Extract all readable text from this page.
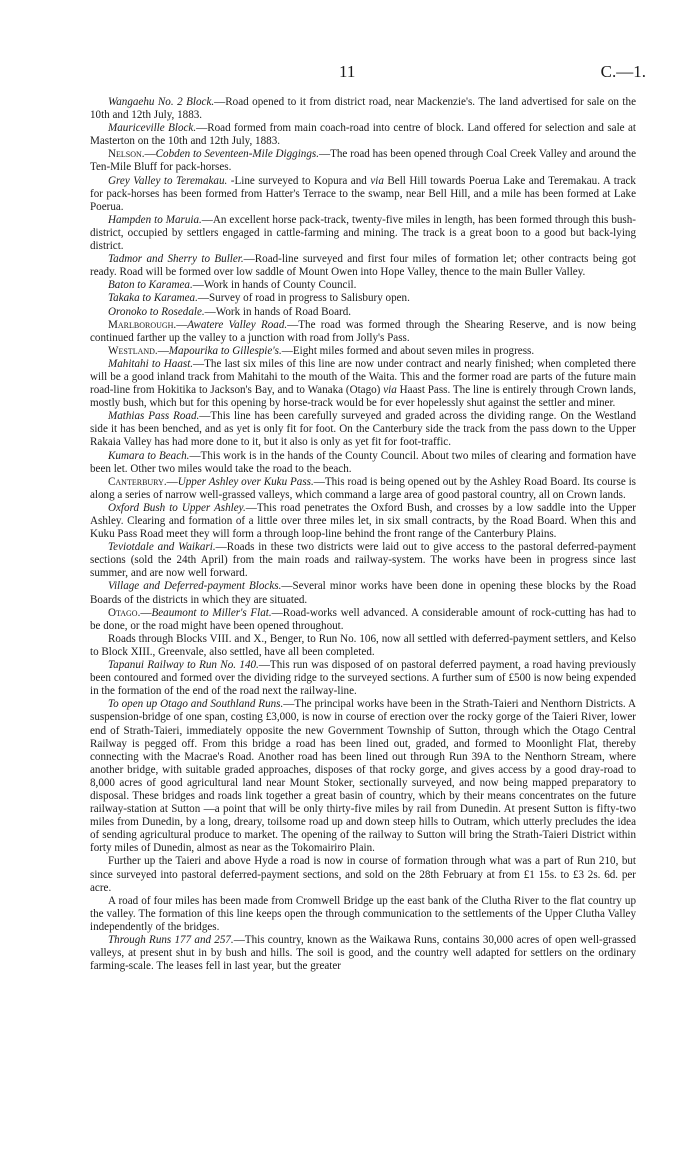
11	C.—1.

Wangaehu No. 2 Block.—Road opened to it from district road, near Mackenzie's. The land advertised for sale on the 10th and 12th July, 1883.

Mauriceville Block.—Road formed from main coach-road into centre of block. Land offered for selection and sale at Masterton on the 10th and 12th July, 1883.

Nelson.—Cobden to Seventeen-Mile Diggings.—The road has been opened through Coal Creek Valley and around the Ten-Mile Bluff for pack-horses.

Grey Valley to Teremakau. -Line surveyed to Kopura and via Bell Hill towards Poerua Lake and Teremakau. A track for pack-horses has been formed from Hatter's Terrace to the swamp, near Bell Hill, and a mile has been formed at Lake Poerua.

Hampden to Maruia.—An excellent horse pack-track, twenty-five miles in length, has been formed through this bush-district, occupied by settlers engaged in cattle-farming and mining. The track is a great boon to a good but back-lying district.

Tadmor and Sherry to Buller.—Road-line surveyed and first four miles of formation let; other contracts being got ready. Road will be formed over low saddle of Mount Owen into Hope Valley, thence to the main Buller Valley.

Baton to Karamea.—Work in hands of County Council.

Takaka to Karamea.—Survey of road in progress to Salisbury open.

Oronoko to Rosedale.—Work in hands of Road Board.

Marlborough.—Awatere Valley Road.—The road was formed through the Shearing Reserve, and is now being continued farther up the valley to a junction with road from Jolly's Pass.

Westland.—Mapourika to Gillespie's.—Eight miles formed and about seven miles in progress.

Mahitahi to Haast.—The last six miles of this line are now under contract and nearly finished; when completed there will be a good inland track from Mahitahi to the mouth of the Waita. This and the former road are parts of the future main road-line from Hokitika to Jackson's Bay, and to Wanaka (Otago) via Haast Pass. The line is entirely through Crown lands, mostly bush, which but for this opening by horse-track would be for ever hopelessly shut against the settler and miner.

Mathias Pass Road.—This line has been carefully surveyed and graded across the dividing range. On the Westland side it has been benched, and as yet is only fit for foot. On the Canterbury side the track from the pass down to the Upper Rakaia Valley has had more done to it, but it also is only as yet fit for foot-traffic.

Kumara to Beach.—This work is in the hands of the County Council. About two miles of clearing and formation have been let. Other two miles would take the road to the beach.

Canterbury.—Upper Ashley over Kuku Pass.—This road is being opened out by the Ashley Road Board. Its course is along a series of narrow well-grassed valleys, which command a large area of good pastoral country, all on Crown lands.

Oxford Bush to Upper Ashley.—This road penetrates the Oxford Bush, and crosses by a low saddle into the Upper Ashley. Clearing and formation of a little over three miles let, in six small contracts, by the Road Board. When this and Kuku Pass Road meet they will form a through loop-line behind the front range of the Canterbury Plains.

Teviotdale and Waikari.—Roads in these two districts were laid out to give access to the pastoral deferred-payment sections (sold the 24th April) from the main roads and railway-system. The works have been in progress since last summer, and are now well forward.

Village and Deferred-payment Blocks.—Several minor works have been done in opening these blocks by the Road Boards of the districts in which they are situated.

Otago.—Beaumont to Miller's Flat.—Road-works well advanced. A considerable amount of rock-cutting has had to be done, or the road might have been opened throughout.

Roads through Blocks VIII. and X., Benger, to Run No. 106, now all settled with deferred-payment settlers, and Kelso to Block XIII., Greenvale, also settled, have all been completed.

Tapanui Railway to Run No. 140.—This run was disposed of on pastoral deferred payment, a road having previously been contoured and formed over the dividing ridge to the surveyed sections. A further sum of £500 is now being expended in the formation of the end of the road next the railway-line.

To open up Otago and Southland Runs.—The principal works have been in the Strath-Taieri and Nenthorn Districts. A suspension-bridge of one span, costing £3,000, is now in course of erection over the rocky gorge of the Taieri River, lower end of Strath-Taieri, immediately opposite the new Government Township of Sutton, through which the Otago Central Railway is pegged off. From this bridge a road has been lined out, graded, and formed to Moonlight Flat, thereby connecting with the Macrae's Road. Another road has been lined out through Run 39A to the Nenthorn Stream, where another bridge, with suitable graded approaches, disposes of that rocky gorge, and gives access by a good dray-road to 8,000 acres of good agricultural land near Mount Stoker, sectionally surveyed, and now being mapped preparatory to disposal. These bridges and roads link together a great basin of country, which by their means concentrates on the future railway-station at Sutton —a point that will be only thirty-five miles by rail from Dunedin. At present Sutton is fifty-two miles from Dunedin, by a long, dreary, toilsome road up and down steep hills to Outram, which utterly precludes the idea of sending agricultural produce to market. The opening of the railway to Sutton will bring the Strath-Taieri District within forty miles of Dunedin, almost as near as the Tokomairiro Plain.

Further up the Taieri and above Hyde a road is now in course of formation through what was a part of Run 210, but since surveyed into pastoral deferred-payment sections, and sold on the 28th February at from £1 15s. to £3 2s. 6d. per acre.

A road of four miles has been made from Cromwell Bridge up the east bank of the Clutha River to the flat country up the valley. The formation of this line keeps open the through communication to the settlements of the Upper Clutha Valley independently of the bridges.

Through Runs 177 and 257.—This country, known as the Waikawa Runs, contains 30,000 acres of open well-grassed valleys, at present shut in by bush and hills. The soil is good, and the country well adapted for settlers on the ordinary farming-scale. The leases fell in last year, but the greater
